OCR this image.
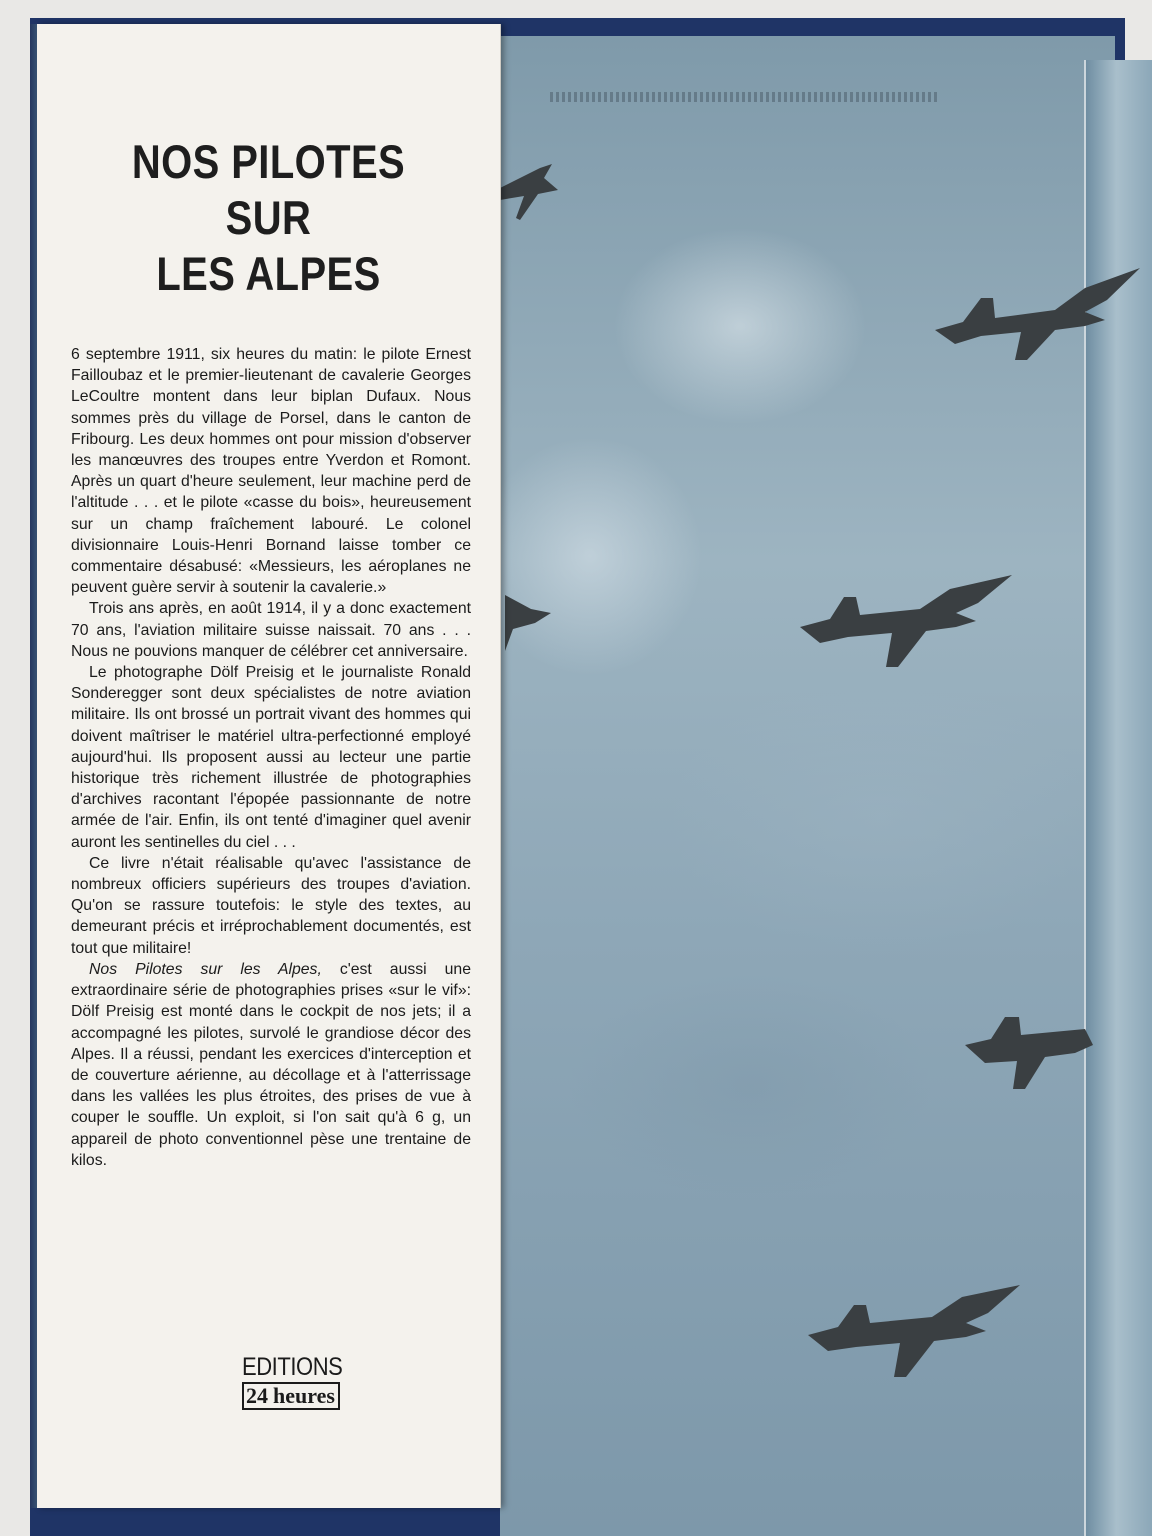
NOS PILOTES
SUR
LES ALPES

6 septembre 1911, six heures du matin: le pilote Ernest Failloubaz et le premier-lieutenant de cavalerie Georges LeCoultre montent dans leur biplan Dufaux. Nous sommes près du village de Porsel, dans le canton de Fribourg. Les deux hommes ont pour mission d'observer les manœuvres des troupes entre Yverdon et Romont. Après un quart d'heure seulement, leur machine perd de l'altitude . . . et le pilote «casse du bois», heureusement sur un champ fraîchement labouré. Le colonel divisionnaire Louis-Henri Bornand laisse tomber ce commentaire désabusé: «Messieurs, les aéroplanes ne peuvent guère servir à soutenir la cavalerie.»

Trois ans après, en août 1914, il y a donc exactement 70 ans, l'aviation militaire suisse naissait. 70 ans . . . Nous ne pouvions manquer de célébrer cet anniversaire.

Le photographe Dölf Preisig et le journaliste Ronald Sonderegger sont deux spécialistes de notre aviation militaire. Ils ont brossé un portrait vivant des hommes qui doivent maîtriser le matériel ultra-perfectionné employé aujourd'hui. Ils proposent aussi au lecteur une partie historique très richement illustrée de photographies d'archives racontant l'épopée passionnante de notre armée de l'air. Enfin, ils ont tenté d'imaginer quel avenir auront les sentinelles du ciel . . .

Ce livre n'était réalisable qu'avec l'assistance de nombreux officiers supérieurs des troupes d'aviation. Qu'on se rassure toutefois: le style des textes, au demeurant précis et irréprochablement documentés, est tout que militaire!

Nos Pilotes sur les Alpes, c'est aussi une extraordinaire série de photographies prises «sur le vif»: Dölf Preisig est monté dans le cockpit de nos jets; il a accompagné les pilotes, survolé le grandiose décor des Alpes. Il a réussi, pendant les exercices d'interception et de couverture aérienne, au décollage et à l'atterrissage dans les vallées les plus étroites, des prises de vue à couper le souffle. Un exploit, si l'on sait qu'à 6 g, un appareil de photo conventionnel pèse une trentaine de kilos.

EDITIONS
24 heures
